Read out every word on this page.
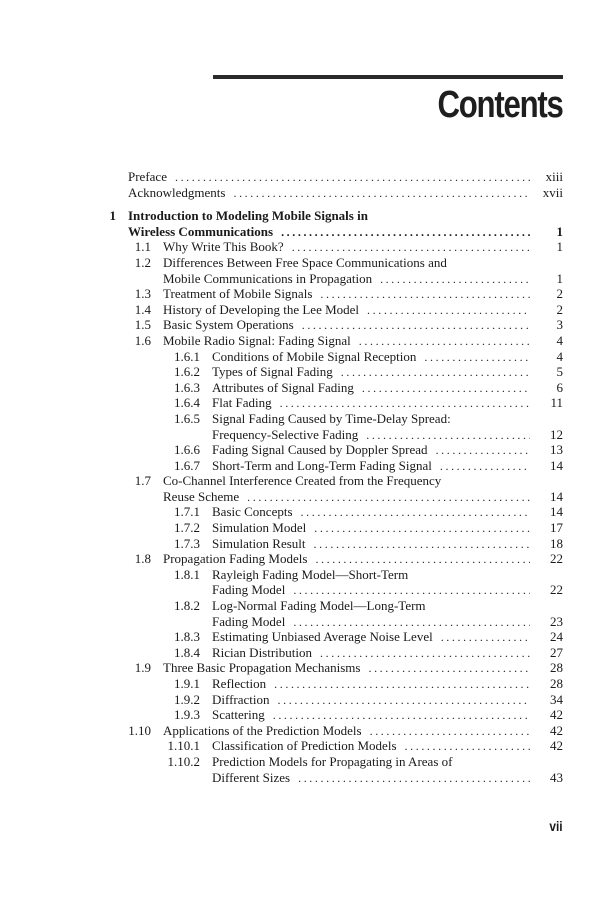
Contents
Preface .....	xiii
Acknowledgments .....	xvii
1 Introduction to Modeling Mobile Signals in
Wireless Communications .....	1
1.1 Why Write This Book? .....	1
1.2 Differences Between Free Space Communications and
Mobile Communications in Propagation .....	1
1.3 Treatment of Mobile Signals .....	2
1.4 History of Developing the Lee Model .....	2
1.5 Basic System Operations .....	3
1.6 Mobile Radio Signal: Fading Signal .....	4
1.6.1 Conditions of Mobile Signal Reception .....	4
1.6.2 Types of Signal Fading .....	5
1.6.3 Attributes of Signal Fading .....	6
1.6.4 Flat Fading .....	11
1.6.5 Signal Fading Caused by Time-Delay Spread:
Frequency-Selective Fading .....	12
1.6.6 Fading Signal Caused by Doppler Spread .....	13
1.6.7 Short-Term and Long-Term Fading Signal .....	14
1.7 Co-Channel Interference Created from the Frequency
Reuse Scheme .....	14
1.7.1 Basic Concepts .....	14
1.7.2 Simulation Model .....	17
1.7.3 Simulation Result .....	18
1.8 Propagation Fading Models .....	22
1.8.1 Rayleigh Fading Model—Short-Term
Fading Model .....	22
1.8.2 Log-Normal Fading Model—Long-Term
Fading Model .....	23
1.8.3 Estimating Unbiased Average Noise Level .....	24
1.8.4 Rician Distribution .....	27
1.9 Three Basic Propagation Mechanisms .....	28
1.9.1 Reflection .....	28
1.9.2 Diffraction .....	34
1.9.3 Scattering .....	42
1.10 Applications of the Prediction Models .....	42
1.10.1 Classification of Prediction Models .....	42
1.10.2 Prediction Models for Propagating in Areas of
Different Sizes .....	43
vii
